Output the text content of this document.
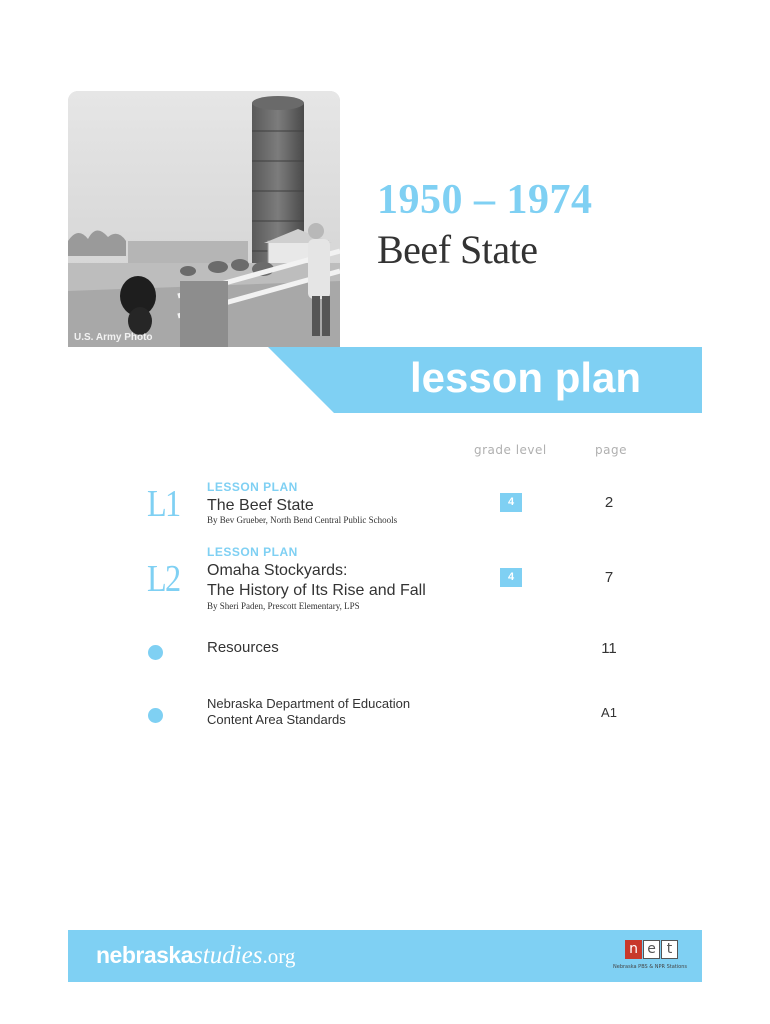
U.S. Army Photo
1950 – 1974
Beef State
lesson plan
grade level	page
L1 LESSON PLAN
The Beef State
By Bev Grueber, North Bend Central Public Schools
4	2
L2
LESSON PLAN
Omaha Stockyards:
The History of Its Rise and Fall
By Sheri Paden, Prescott Elementary, LPS
4	7
Resources	11
Nebraska Department of Education
Content Area Standards	A1
nebraskastudies.org	n e t
Nebraska PBS & NPR Stations
